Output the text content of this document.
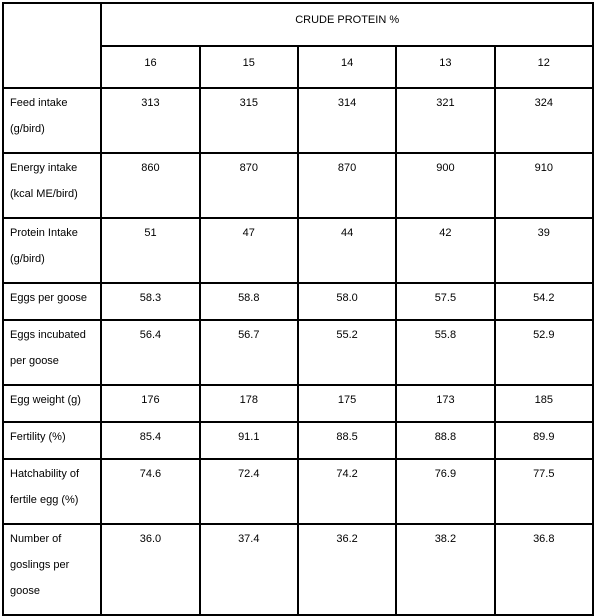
	CRUDE PROTEIN %				
	16	15	14	13	12

Feed intake
(g/bird)	313	315	314	321	324

Energy intake
(kcal ME/bird)	860	870	870	900	910

Protein Intake
(g/bird)	51	47	44	42	39

Eggs per goose	58.3	58.8	58.0	57.5	54.2

Eggs incubated
per goose	56.4	56.7	55.2	55.8	52.9

Egg weight (g)	176	178	175	173	185

Fertility (%)	85.4	91.1	88.5	88.8	89.9

Hatchability of
fertile egg (%)	74.6	72.4	74.2	76.9	77.5

Number of
goslings per
goose	36.0	37.4	36.2	38.2	36.8
